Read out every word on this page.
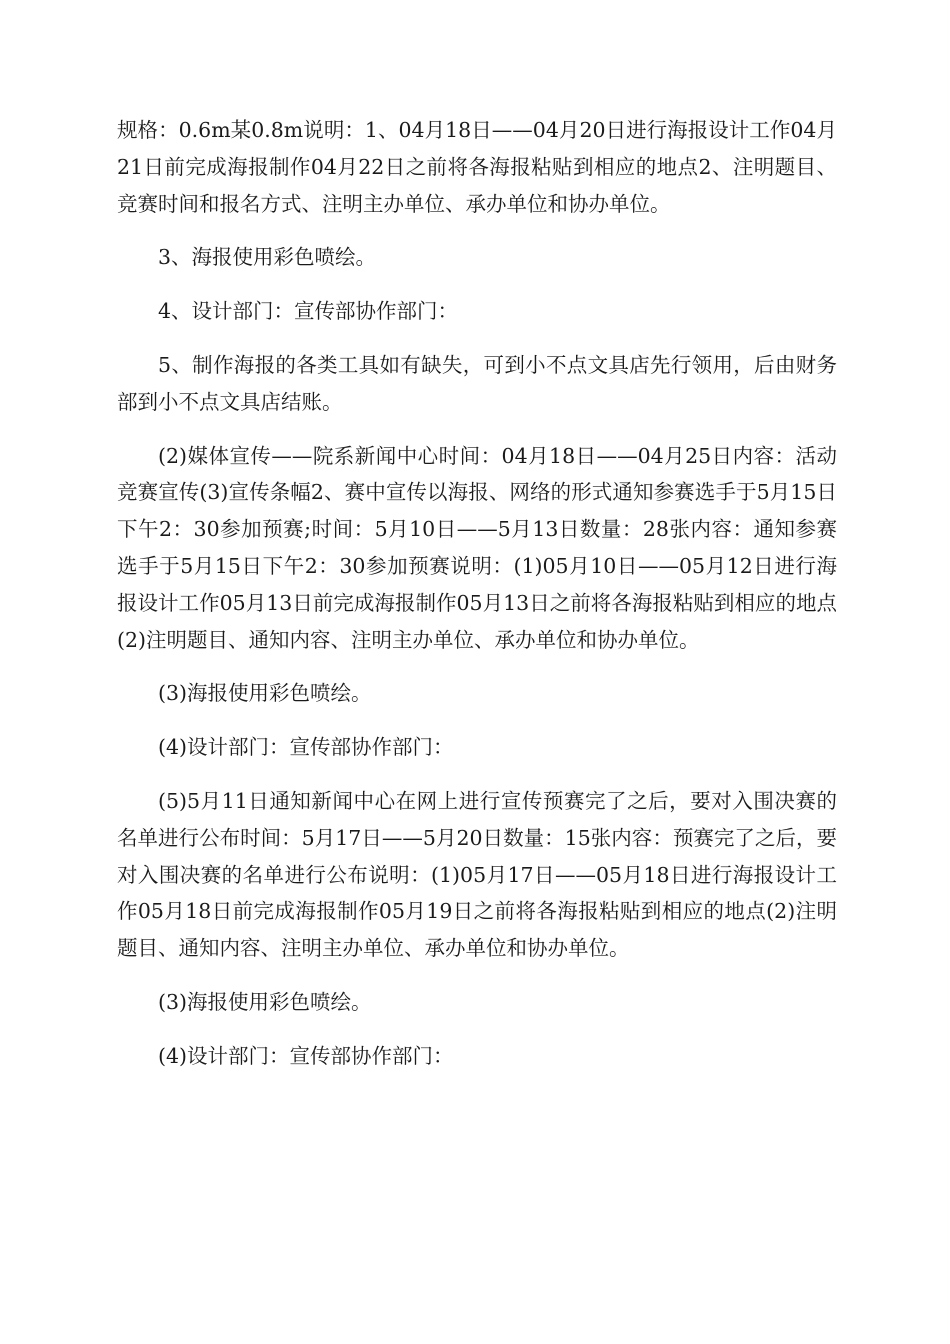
规格：0.6m某0.8m说明：1、04月18日——04月20日进行海报设计工作04月21日前完成海报制作04月22日之前将各海报粘贴到相应的地点2、注明题目、竞赛时间和报名方式、注明主办单位、承办单位和协办单位。

3、海报使用彩色喷绘。

4、设计部门：宣传部协作部门：

5、制作海报的各类工具如有缺失，可到小不点文具店先行领用，后由财务部到小不点文具店结账。

(2)媒体宣传——院系新闻中心时间：04月18日——04月25日内容：活动竞赛宣传(3)宣传条幅2、赛中宣传以海报、网络的形式通知参赛选手于5月15日下午2：30参加预赛;时间：5月10日——5月13日数量：28张内容：通知参赛选手于5月15日下午2：30参加预赛说明：(1)05月10日——05月12日进行海报设计工作05月13日前完成海报制作05月13日之前将各海报粘贴到相应的地点(2)注明题目、通知内容、注明主办单位、承办单位和协办单位。

(3)海报使用彩色喷绘。

(4)设计部门：宣传部协作部门：

(5)5月11日通知新闻中心在网上进行宣传预赛完了之后，要对入围决赛的名单进行公布时间：5月17日——5月20日数量：15张内容：预赛完了之后，要对入围决赛的名单进行公布说明：(1)05月17日——05月18日进行海报设计工作05月18日前完成海报制作05月19日之前将各海报粘贴到相应的地点(2)注明题目、通知内容、注明主办单位、承办单位和协办单位。

(3)海报使用彩色喷绘。

(4)设计部门：宣传部协作部门：
